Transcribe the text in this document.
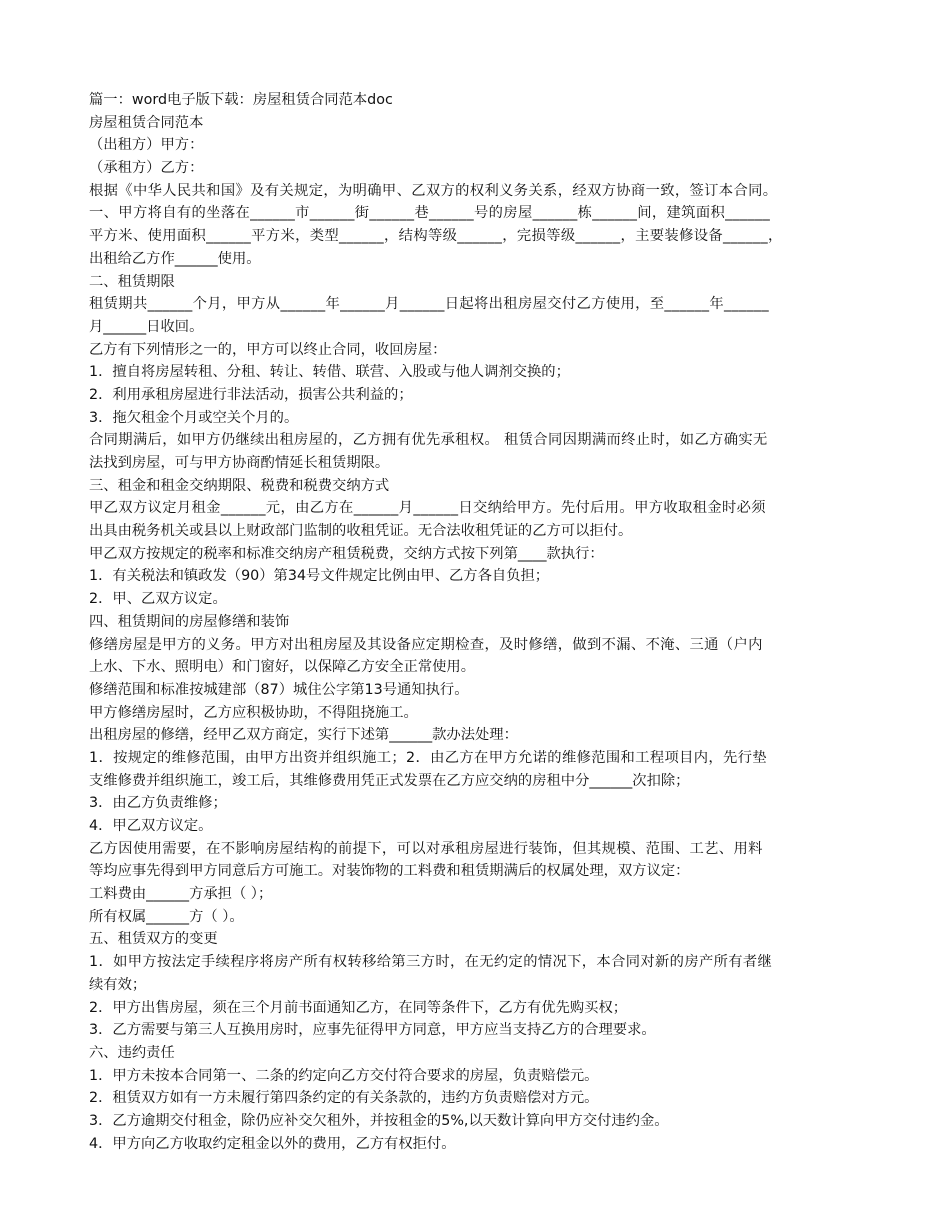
篇一：word电子版下载：房屋租赁合同范本doc
房屋租赁合同范本
（出租方）甲方：
（承租方）乙方：
根据《中华人民共和国》及有关规定，为明确甲、乙双方的权利义务关系，经双方协商一致，签订本合同。
一、甲方将自有的坐落在______市______街______巷______号的房屋______栋______间，建筑面积______
平方米、使用面积______平方米，类型______，结构等级______，完损等级______，主要装修设备______，
出租给乙方作______使用。
二、租赁期限
租赁期共______个月，甲方从______年______月______日起将出租房屋交付乙方使用，至______年______
月______日收回。
乙方有下列情形之一的，甲方可以终止合同，收回房屋：
1．擅自将房屋转租、分租、转让、转借、联营、入股或与他人调剂交换的；
2．利用承租房屋进行非法活动，损害公共利益的；
3．拖欠租金个月或空关个月的。
合同期满后，如甲方仍继续出租房屋的，乙方拥有优先承租权。 租赁合同因期满而终止时，如乙方确实无
法找到房屋，可与甲方协商酌情延长租赁期限。
三、租金和租金交纳期限、税费和税费交纳方式
甲乙双方议定月租金______元，由乙方在______月______日交纳给甲方。先付后用。甲方收取租金时必须
出具由税务机关或县以上财政部门监制的收租凭证。无合法收租凭证的乙方可以拒付。
甲乙双方按规定的税率和标准交纳房产租赁税费，交纳方式按下列第____款执行：
1．有关税法和镇政发（90）第34号文件规定比例由甲、乙方各自负担；
2．甲、乙双方议定。
四、租赁期间的房屋修缮和装饰
修缮房屋是甲方的义务。甲方对出租房屋及其设备应定期检查，及时修缮，做到不漏、不淹、三通（户内
上水、下水、照明电）和门窗好，以保障乙方安全正常使用。
修缮范围和标准按城建部（87）城住公字第13号通知执行。
甲方修缮房屋时，乙方应积极协助，不得阻挠施工。
出租房屋的修缮，经甲乙双方商定，实行下述第______款办法处理：
1．按规定的维修范围，由甲方出资并组织施工；2．由乙方在甲方允诺的维修范围和工程项目内，先行垫
支维修费并组织施工，竣工后，其维修费用凭正式发票在乙方应交纳的房租中分______次扣除；
3．由乙方负责维修；
4．甲乙双方议定。
乙方因使用需要，在不影响房屋结构的前提下，可以对承租房屋进行装饰，但其规模、范围、工艺、用料
等均应事先得到甲方同意后方可施工。对装饰物的工料费和租赁期满后的权属处理，双方议定：
工料费由______方承担（ ）；
所有权属______方（ ）。
五、租赁双方的变更
1．如甲方按法定手续程序将房产所有权转移给第三方时，在无约定的情况下，本合同对新的房产所有者继
续有效；
2．甲方出售房屋，须在三个月前书面通知乙方，在同等条件下，乙方有优先购买权；
3．乙方需要与第三人互换用房时，应事先征得甲方同意，甲方应当支持乙方的合理要求。
六、违约责任
1．甲方未按本合同第一、二条的约定向乙方交付符合要求的房屋，负责赔偿元。
2．租赁双方如有一方未履行第四条约定的有关条款的，违约方负责赔偿对方元。
3．乙方逾期交付租金，除仍应补交欠租外，并按租金的5%,以天数计算向甲方交付违约金。
4．甲方向乙方收取约定租金以外的费用，乙方有权拒付。
